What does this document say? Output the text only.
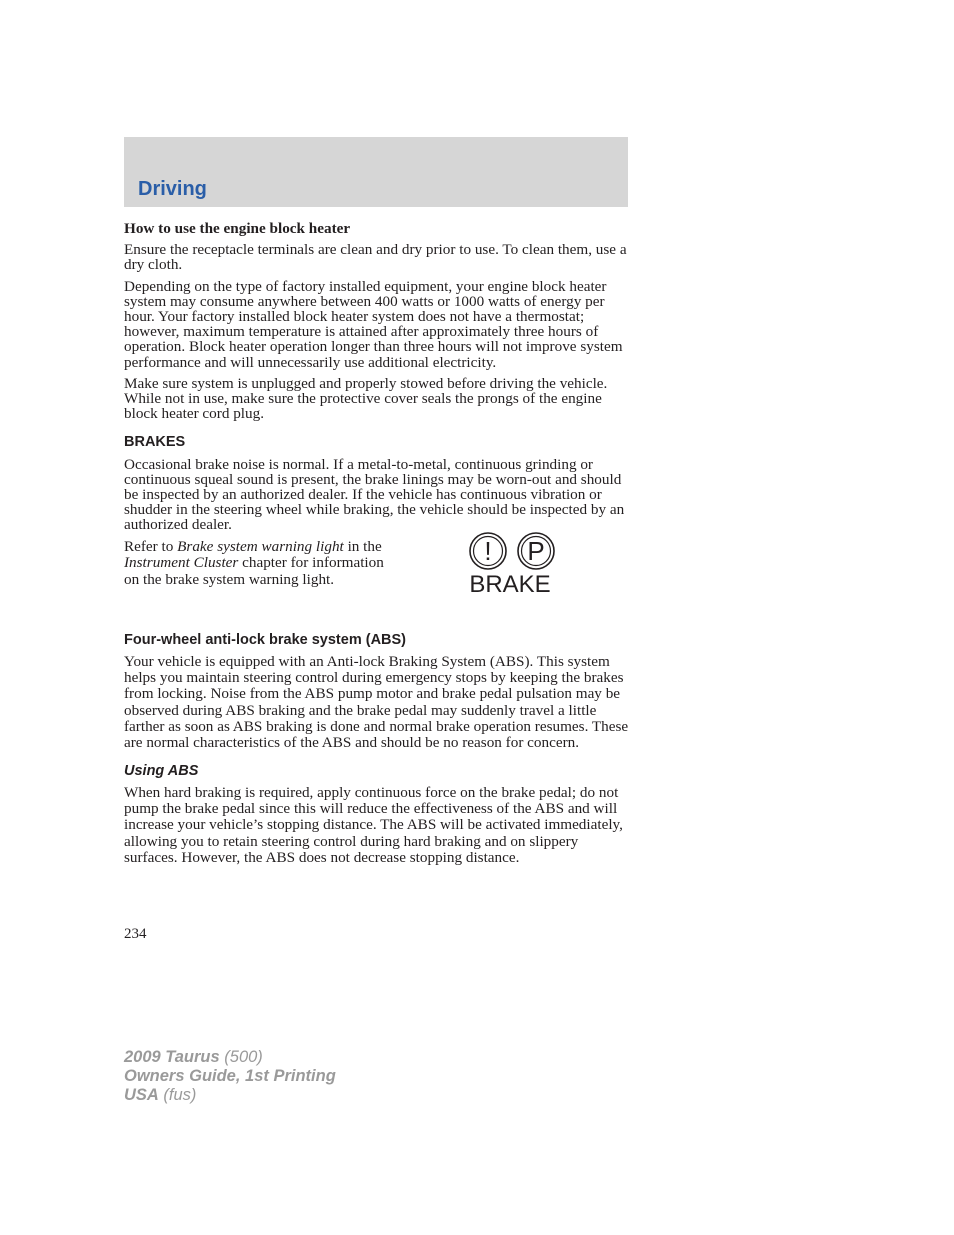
Driving
How to use the engine block heater

Ensure the receptacle terminals are clean and dry prior to use. To clean them, use a dry cloth.

Depending on the type of factory installed equipment, your engine block heater system may consume anywhere between 400 watts or 1000 watts of energy per hour. Your factory installed block heater system does not have a thermostat; however, maximum temperature is attained after approximately three hours of operation. Block heater operation longer than three hours will not improve system performance and will unnecessarily use additional electricity.

Make sure system is unplugged and properly stowed before driving the vehicle. While not in use, make sure the protective cover seals the prongs of the engine block heater cord plug.

BRAKES

Occasional brake noise is normal. If a metal-to-metal, continuous grinding or continuous squeal sound is present, the brake linings may be worn-out and should be inspected by an authorized dealer. If the vehicle has continuous vibration or shudder in the steering wheel while braking, the vehicle should be inspected by an authorized dealer.

Refer to Brake system warning light in the Instrument Cluster chapter for information on the brake system warning light.
! P
BRAKE
Four-wheel anti-lock brake system (ABS)

Your vehicle is equipped with an Anti-lock Braking System (ABS). This system helps you maintain steering control during emergency stops by keeping the brakes from locking. Noise from the ABS pump motor and brake pedal pulsation may be observed during ABS braking and the brake pedal may suddenly travel a little farther as soon as ABS braking is done and normal brake operation resumes. These are normal characteristics of the ABS and should be no reason for concern.

Using ABS

When hard braking is required, apply continuous force on the brake pedal; do not pump the brake pedal since this will reduce the effectiveness of the ABS and will increase your vehicle’s stopping distance. The ABS will be activated immediately, allowing you to retain steering control during hard braking and on slippery surfaces. However, the ABS does not decrease stopping distance.

234
2009 Taurus (500)
Owners Guide, 1st Printing
USA (fus)
